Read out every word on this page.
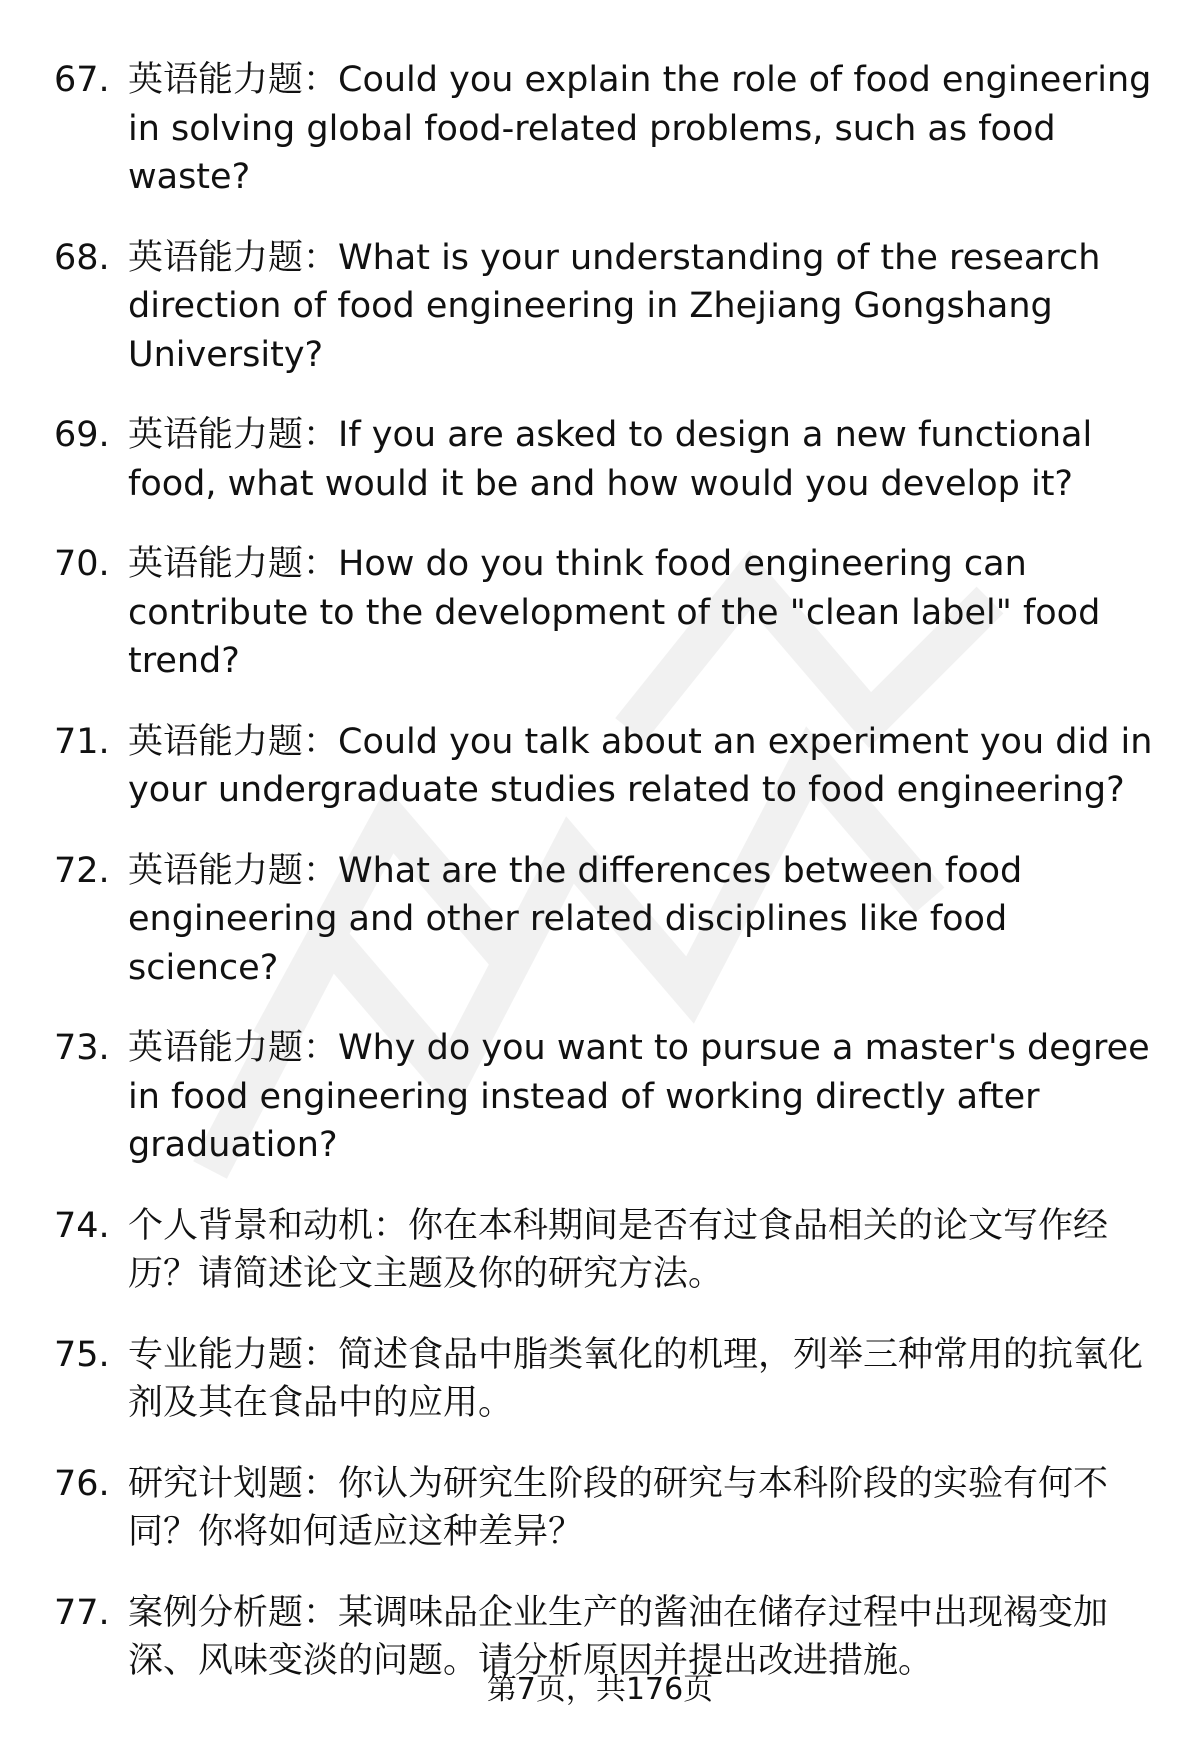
67. 英语能力题：Could you explain the role of food engineering in solving global food-related problems, such as food waste?
68. 英语能力题：What is your understanding of the research direction of food engineering in Zhejiang Gongshang University?
69. 英语能力题：If you are asked to design a new functional food, what would it be and how would you develop it?
70. 英语能力题：How do you think food engineering can contribute to the development of the "clean label" food trend?
71. 英语能力题：Could you talk about an experiment you did in your undergraduate studies related to food engineering?
72. 英语能力题：What are the differences between food engineering and other related disciplines like food science?
73. 英语能力题：Why do you want to pursue a master's degree in food engineering instead of working directly after graduation?
74. 个人背景和动机：你在本科期间是否有过食品相关的论文写作经历？请简述论文主题及你的研究方法。
75. 专业能力题：简述食品中脂类氧化的机理，列举三种常用的抗氧化剂及其在食品中的应用。
76. 研究计划题：你认为研究生阶段的研究与本科阶段的实验有何不同？你将如何适应这种差异？
77. 案例分析题：某调味品企业生产的酱油在储存过程中出现褐变加深、风味变淡的问题。请分析原因并提出改进措施。
第7页，共176页
